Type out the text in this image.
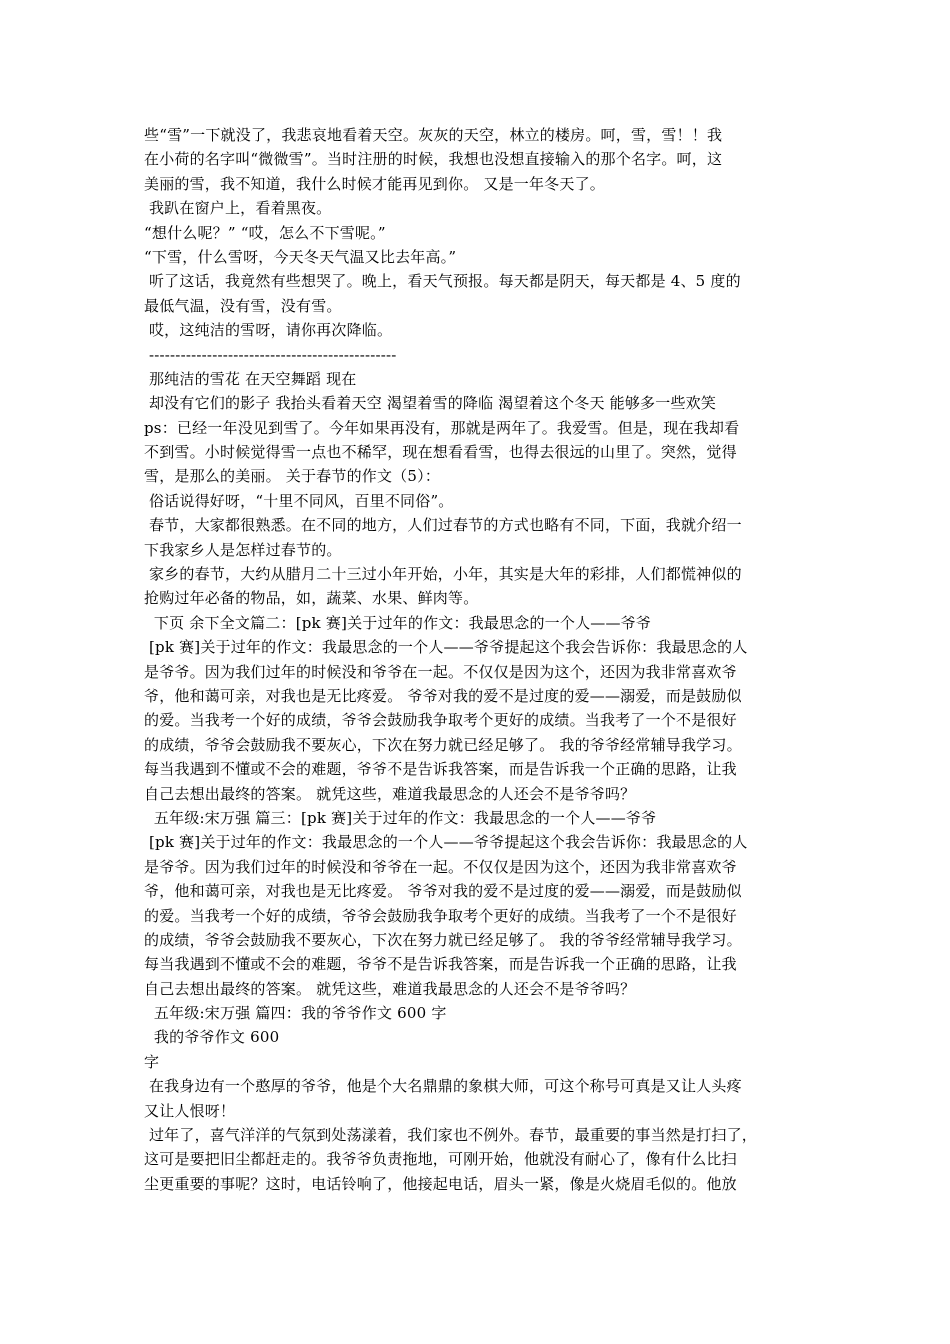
些“雪”一下就没了，我悲哀地看着天空。灰灰的天空，林立的楼房。呵，雪，雪！！我
在小荷的名字叫“微微雪”。当时注册的时候，我想也没想直接输入的那个名字。呵，这
美丽的雪，我不知道，我什么时候才能再见到你。 又是一年冬天了。
我趴在窗户上，看着黑夜。
“想什么呢？” “哎，怎么不下雪呢。”
“下雪，什么雪呀，今天冬天气温又比去年高。”
听了这话，我竟然有些想哭了。晚上，看天气预报。每天都是阴天，每天都是 4、5 度的
最低气温，没有雪，没有雪。
哎，这纯洁的雪呀，请你再次降临。
-----------------------------------------------
那纯洁的雪花 在天空舞蹈 现在
却没有它们的影子 我抬头看着天空 渴望着雪的降临 渴望着这个冬天 能够多一些欢笑
ps：已经一年没见到雪了。今年如果再没有，那就是两年了。我爱雪。但是，现在我却看
不到雪。小时候觉得雪一点也不稀罕，现在想看看雪，也得去很远的山里了。突然，觉得
雪，是那么的美丽。 关于春节的作文（5）：
俗话说得好呀，“十里不同风，百里不同俗”。
春节，大家都很熟悉。在不同的地方，人们过春节的方式也略有不同，下面，我就介绍一
下我家乡人是怎样过春节的。
家乡的春节，大约从腊月二十三过小年开始，小年，其实是大年的彩排，人们都慌神似的
抢购过年必备的物品，如，蔬菜、水果、鲜肉等。
下页 余下全文篇二：[pk 赛]关于过年的作文：我最思念的一个人——爷爷
[pk 赛]关于过年的作文：我最思念的一个人——爷爷提起这个我会告诉你：我最思念的人
是爷爷。因为我们过年的时候没和爷爷在一起。不仅仅是因为这个，还因为我非常喜欢爷
爷，他和蔼可亲，对我也是无比疼爱。 爷爷对我的爱不是过度的爱——溺爱，而是鼓励似
的爱。当我考一个好的成绩，爷爷会鼓励我争取考个更好的成绩。当我考了一个不是很好
的成绩，爷爷会鼓励我不要灰心，下次在努力就已经足够了。 我的爷爷经常辅导我学习。
每当我遇到不懂或不会的难题，爷爷不是告诉我答案，而是告诉我一个正确的思路，让我
自己去想出最终的答案。 就凭这些，难道我最思念的人还会不是爷爷吗？
五年级:宋万强 篇三：[pk 赛]关于过年的作文：我最思念的一个人——爷爷
[pk 赛]关于过年的作文：我最思念的一个人——爷爷提起这个我会告诉你：我最思念的人
是爷爷。因为我们过年的时候没和爷爷在一起。不仅仅是因为这个，还因为我非常喜欢爷
爷，他和蔼可亲，对我也是无比疼爱。 爷爷对我的爱不是过度的爱——溺爱，而是鼓励似
的爱。当我考一个好的成绩，爷爷会鼓励我争取考个更好的成绩。当我考了一个不是很好
的成绩，爷爷会鼓励我不要灰心，下次在努力就已经足够了。 我的爷爷经常辅导我学习。
每当我遇到不懂或不会的难题，爷爷不是告诉我答案，而是告诉我一个正确的思路，让我
自己去想出最终的答案。 就凭这些，难道我最思念的人还会不是爷爷吗？
五年级:宋万强 篇四：我的爷爷作文 600 字
我的爷爷作文 600
字
在我身边有一个憨厚的爷爷，他是个大名鼎鼎的象棋大师，可这个称号可真是又让人头疼
又让人恨呀！
过年了，喜气洋洋的气氛到处荡漾着，我们家也不例外。春节，最重要的事当然是打扫了，
这可是要把旧尘都赶走的。我爷爷负责拖地，可刚开始，他就没有耐心了，像有什么比扫
尘更重要的事呢？这时，电话铃响了，他接起电话，眉头一紧，像是火烧眉毛似的。他放
